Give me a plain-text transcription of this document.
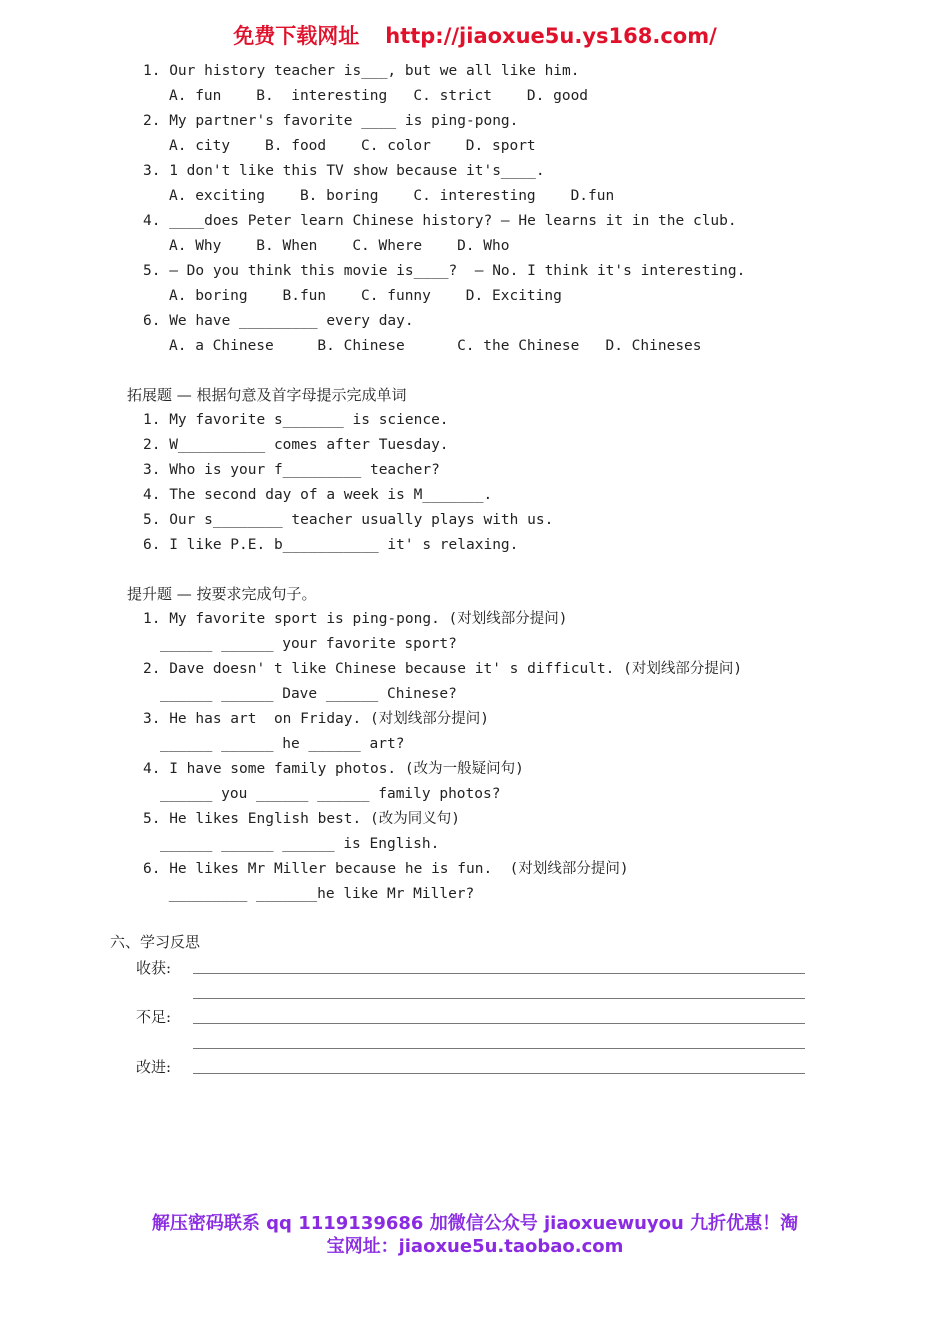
免费下载网址 http://jiaoxue5u.ys168.com/
1. Our history teacher is___, but we all like him.
A. fun    B.  interesting   C. strict    D. good
2. My partner's favorite ____ is ping-pong.
A. city    B. food    C. color    D. sport
3. 1 don't like this TV show because it's____.
A. exciting    B. boring    C. interesting    D.fun
4. ____does Peter learn Chinese history? — He learns it in the club.
A. Why    B. When    C. Where    D. Who
5. — Do you think this movie is____?  — No. I think it's interesting.
A. boring    B.fun    C. funny    D. Exciting
6. We have _________ every day.
A. a Chinese     B. Chinese      C. the Chinese   D. Chineses
拓展题 — 根据句意及首字母提示完成单词
1. My favorite s_______ is science.
2. W__________ comes after Tuesday.
3. Who is your f_________ teacher?
4. The second day of a week is M_______.
5. Our s________ teacher usually plays with us.
6. I like P.E. b___________ it' s relaxing.
提升题 — 按要求完成句子。
1. My favorite sport is ping-pong. (对划线部分提问)
______ ______ your favorite sport?
2. Dave doesn' t like Chinese because it' s difficult. (对划线部分提问)
______ ______ Dave ______ Chinese?
3. He has art  on Friday. (对划线部分提问)
______ ______ he ______ art?
4. I have some family photos. (改为一般疑问句)
______ you ______ ______ family photos?
5. He likes English best. (改为同义句)
______ ______ ______ is English.
6. He likes Mr Miller because he is fun.  (对划线部分提问)
_________ _______he like Mr Miller?
六、学习反思
收获:
不足:
改进:
解压密码联系 qq 1119139686 加微信公众号 jiaoxuewuyou 九折优惠！淘
宝网址：jiaoxue5u.taobao.com
